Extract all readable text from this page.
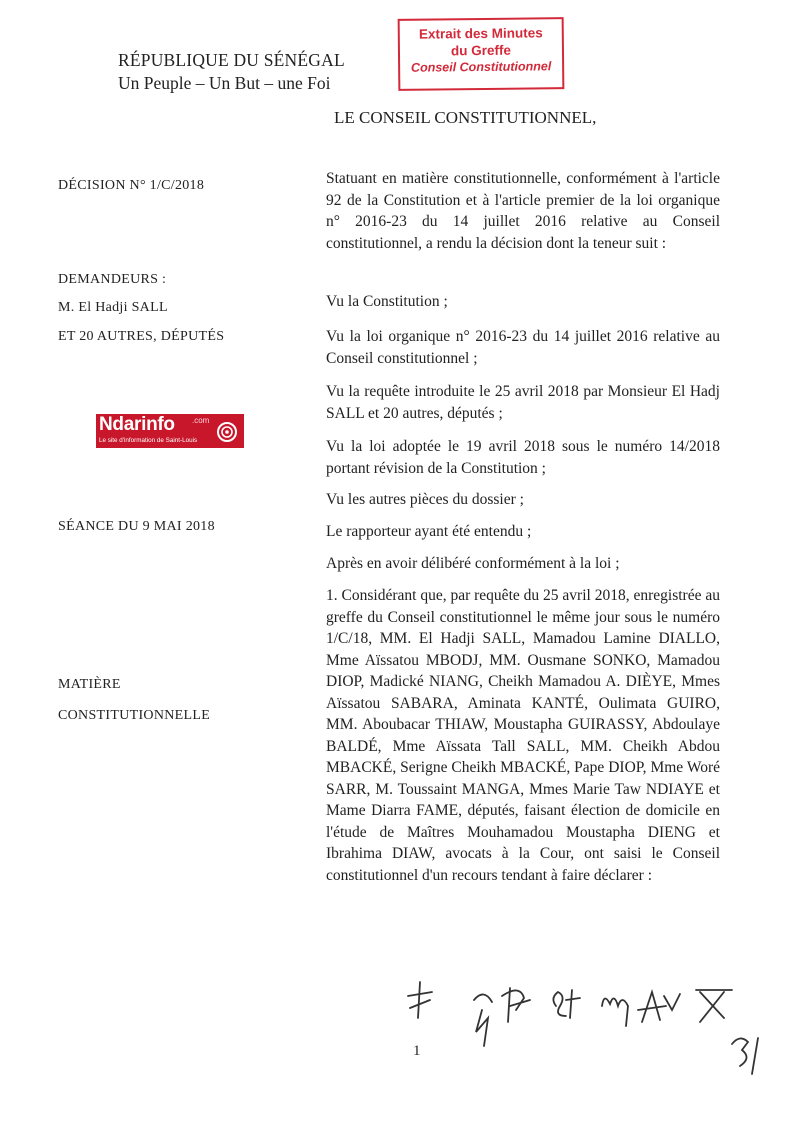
RÉPUBLIQUE DU SÉNÉGAL
Un Peuple – Un But – une Foi
Extrait des Minutes
du Greffe
Conseil Constitutionnel
LE CONSEIL CONSTITUTIONNEL,
DÉCISION N° 1/C/2018
DEMANDEURS :
M. El Hadji SALL
ET 20 AUTRES, DÉPUTÉS
Ndarinfo .com
Le site d'information de Saint-Louis
SÉANCE DU 9 MAI 2018
MATIÈRE
CONSTITUTIONNELLE
Statuant en matière constitutionnelle, conformément à l'article 92 de la Constitution et à l'article premier de la loi organique n° 2016-23 du 14 juillet 2016 relative au Conseil constitutionnel, a rendu la décision dont la teneur suit :
Vu la Constitution ;
Vu la loi organique n° 2016-23 du 14 juillet 2016 relative au Conseil constitutionnel ;
Vu la requête introduite le 25 avril 2018 par Monsieur El Hadj SALL et 20 autres, députés ;
Vu la loi adoptée le 19 avril 2018 sous le numéro 14/2018 portant révision de la Constitution ;
Vu les autres pièces du dossier ;
Le rapporteur ayant été entendu ;
Après en avoir délibéré conformément à la loi ;
1. Considérant que, par requête du 25 avril 2018, enregistrée au greffe du Conseil constitutionnel le même jour sous le numéro 1/C/18, MM. El Hadji SALL, Mamadou Lamine DIALLO, Mme Aïssatou MBODJ, MM. Ousmane SONKO, Mamadou DIOP, Madické NIANG, Cheikh Mamadou A. DIÈYE, Mmes Aïssatou SABARA, Aminata KANTÉ, Oulimata GUIRO, MM. Aboubacar THIAW, Moustapha GUIRASSY, Abdoulaye BALDÉ, Mme Aïssata Tall SALL, MM. Cheikh Abdou MBACKÉ, Serigne Cheikh MBACKÉ, Pape DIOP, Mme Woré SARR, M. Toussaint MANGA, Mmes Marie Taw NDIAYE et Mame Diarra FAME, députés, faisant élection de domicile en l'étude de Maîtres Mouhamadou Moustapha DIENG et Ibrahima DIAW, avocats à la Cour, ont saisi le Conseil constitutionnel d'un recours tendant à faire déclarer :
1
